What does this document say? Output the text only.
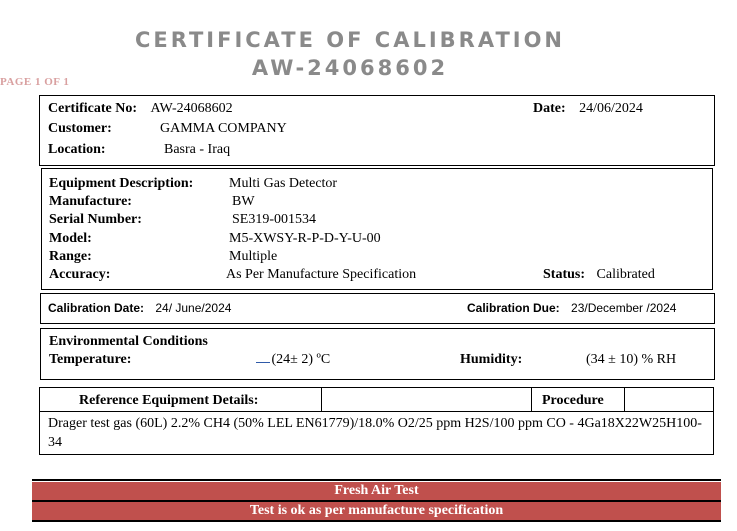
CERTIFICATE OF CALIBRATION
AW-24068602
PAGE 1 OF 1
Certificate No: AW-24068602	Date: 24/06/2024
Customer:	GAMMA COMPANY
Location:	Basra - Iraq
Equipment Description:	Multi Gas Detector
Manufacture:	BW
Serial Number:	SE319-001534
Model:	M5-XWSY-R-P-D-Y-U-00
Range:	Multiple
Accuracy:	As Per Manufacture Specification	Status: Calibrated
Calibration Date: 24/ June/2024	Calibration Due: 23/December /2024
Environmental Conditions
Temperature:	(24± 2) ºC	Humidity:	(34 ± 10) % RH
Reference Equipment Details:	Procedure
Drager test gas (60L) 2.2% CH4 (50% LEL EN61779)/18.0% O2/25 ppm H2S/100 ppm CO - 4Ga18X22W25H100-34
Fresh Air Test
Test is ok as per manufacture specification
